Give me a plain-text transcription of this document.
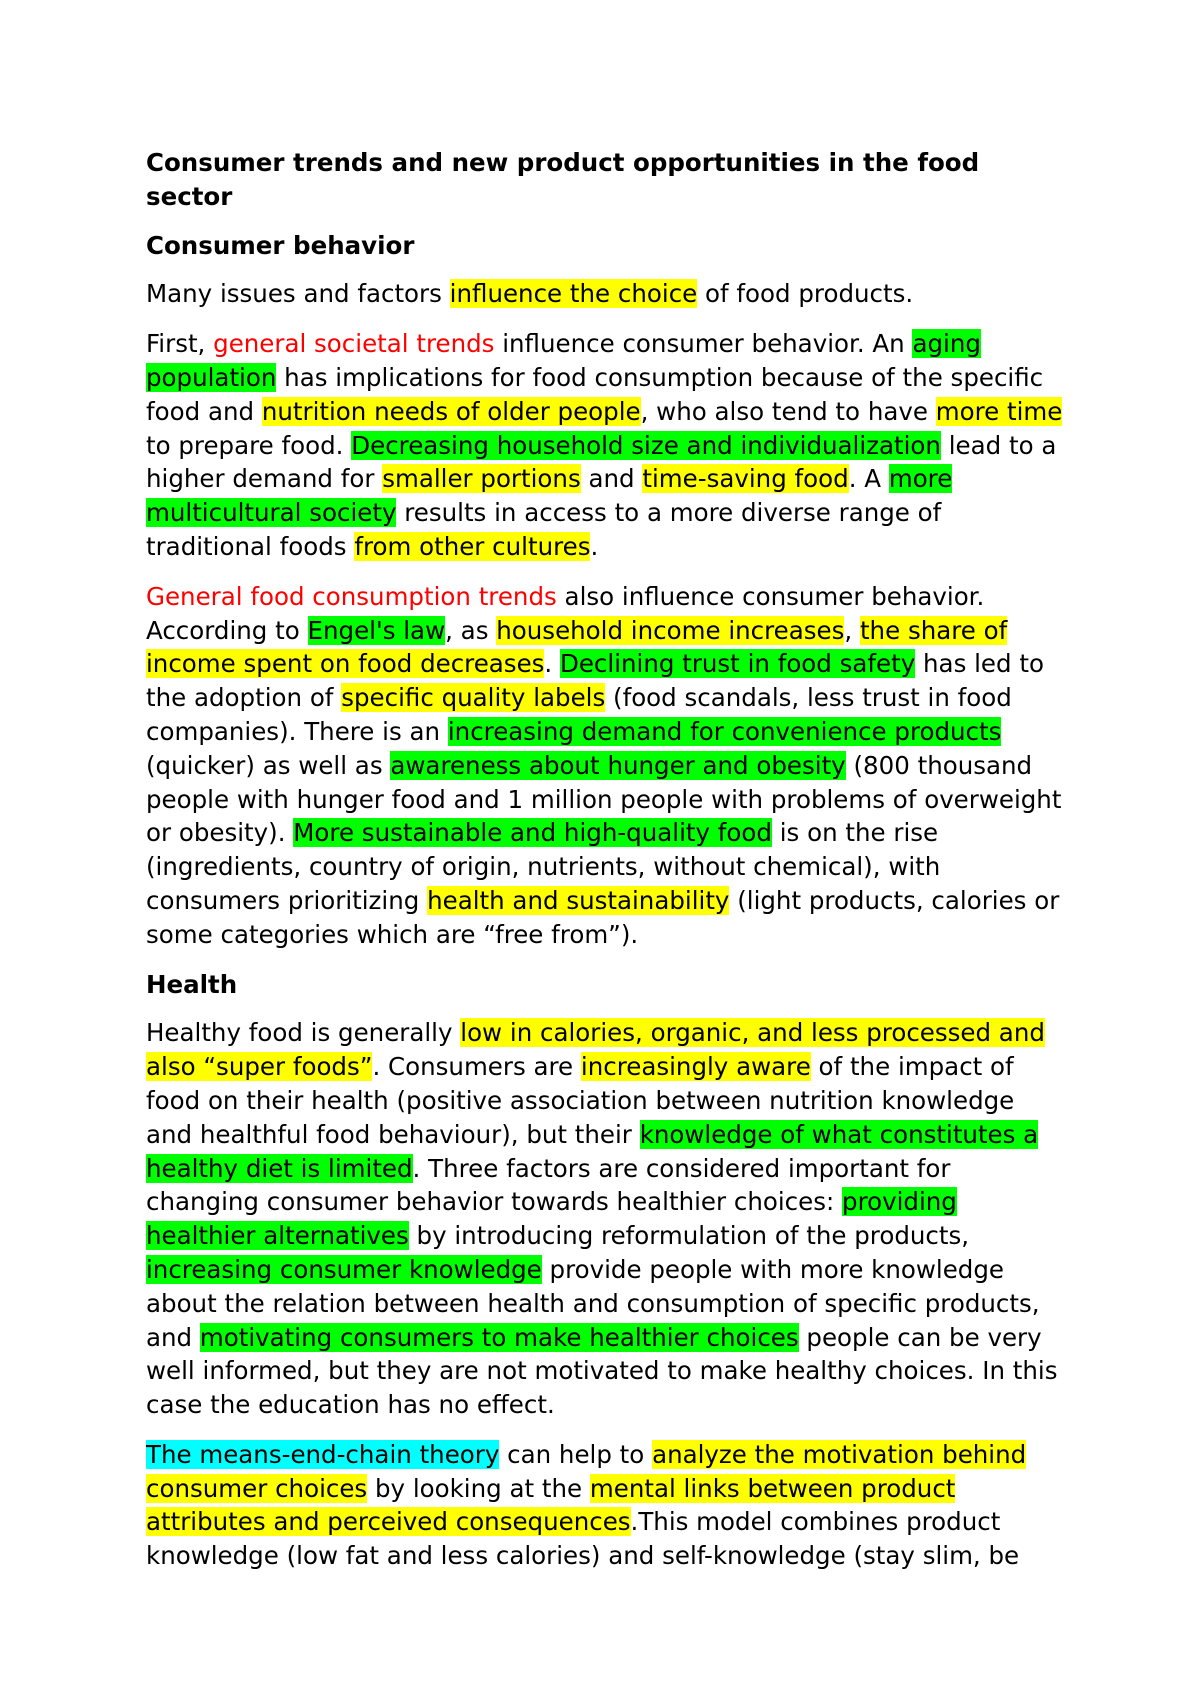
Consumer trends and new product opportunities in the food sector

Consumer behavior

Many issues and factors influence the choice of food products.

First, general societal trends influence consumer behavior. An aging population has implications for food consumption because of the specific food and nutrition needs of older people, who also tend to have more time to prepare food. Decreasing household size and individualization lead to a higher demand for smaller portions and time-saving food. A more multicultural society results in access to a more diverse range of traditional foods from other cultures.

General food consumption trends also influence consumer behavior. According to Engel's law, as household income increases, the share of income spent on food decreases. Declining trust in food safety has led to the adoption of specific quality labels (food scandals, less trust in food companies). There is an increasing demand for convenience products (quicker) as well as awareness about hunger and obesity (800 thousand people with hunger food and 1 million people with problems of overweight or obesity). More sustainable and high-quality food is on the rise (ingredients, country of origin, nutrients, without chemical), with consumers prioritizing health and sustainability (light products, calories or some categories which are “free from”).

Health

Healthy food is generally low in calories, organic, and less processed and also “super foods”. Consumers are increasingly aware of the impact of food on their health (positive association between nutrition knowledge and healthful food behaviour), but their knowledge of what constitutes a healthy diet is limited. Three factors are considered important for changing consumer behavior towards healthier choices: providing healthier alternatives by introducing reformulation of the products, increasing consumer knowledge provide people with more knowledge about the relation between health and consumption of specific products, and motivating consumers to make healthier choices people can be very well informed, but they are not motivated to make healthy choices. In this case the education has no effect.

The means-end-chain theory can help to analyze the motivation behind consumer choices by looking at the mental links between product attributes and perceived consequences.This model combines product knowledge (low fat and less calories) and self-knowledge (stay slim, be
